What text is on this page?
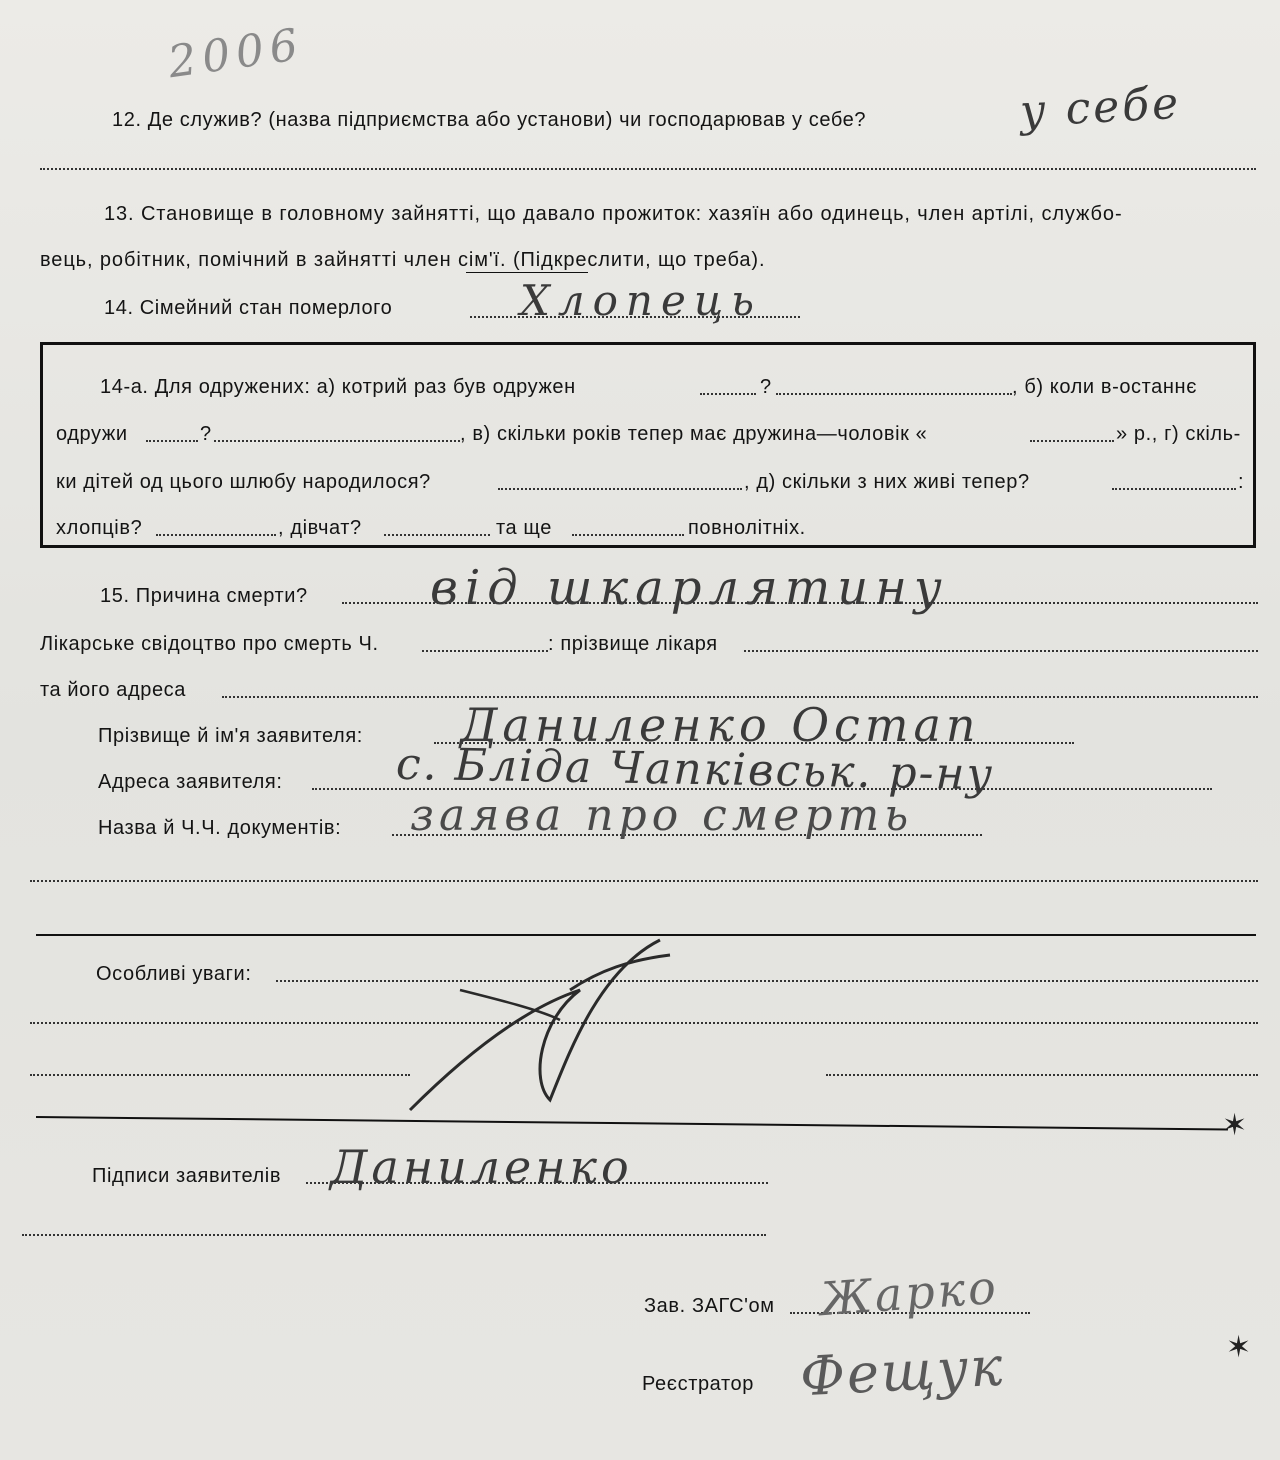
2006
12. Де служив? (назва підприємства або установи) чи господарював у себе?	у себе
13. Становище в головному зайнятті, що давало прожиток: хазяїн або одинець, член артілі, службо-
вець, робітник, помічний в зайнятті член сім'ї. (Підкреслити, що треба).
14. Сімейний стан померлого	Хлопець
14-а. Для одружених: а) котрий раз був одружен	?	, б) коли в-останнє
одружи	?	, в) скільки років тепер має дружина—чоловік «	» р., г) скіль-
ки дітей од цього шлюбу народилося?	, д) скільки з них живі тепер?	:
хлопців?	, дівчат?	та ще	повнолітніх.
15. Причина смерти?	від шкарлятину
Лікарське свідоцтво про смерть Ч.	: прізвище лікаря
та його адреса
Прізвище й ім'я заявителя: Даниленко Остап
Адреса заявителя:	с. Бліда Чапківськ. р-ну
Назва й Ч.Ч. документів: заява про смерть
Особливі уваги:
✶
Підписи заявителів Даниленко
Зав. ЗАГС'ом Жарко
Реєстратор Фещук	✶
